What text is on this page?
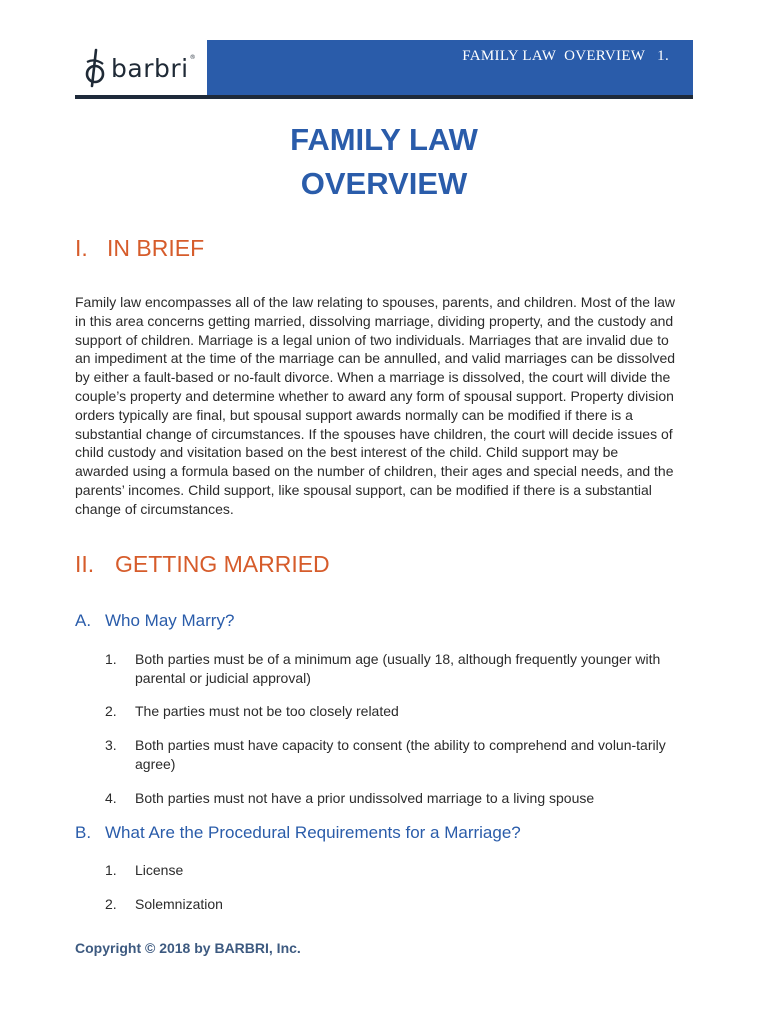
barbri®	FAMILY LAW  OVERVIEW   1.
FAMILY LAW
OVERVIEW
I. IN BRIEF
Family law encompasses all of the law relating to spouses, parents, and children. Most of the law in this area concerns getting married, dissolving marriage, dividing property, and the custody and support of children. Marriage is a legal union of two individuals. Marriages that are invalid due to an impediment at the time of the marriage can be annulled, and valid marriages can be dissolved by either a fault-based or no-fault divorce. When a marriage is dissolved, the court will divide the couple’s property and determine whether to award any form of spousal support. Property division orders typically are final, but spousal support awards normally can be modified if there is a substantial change of circumstances. If the spouses have children, the court will decide issues of child custody and visitation based on the best interest of the child. Child support may be awarded using a formula based on the number of children, their ages and special needs, and the parents’ incomes. Child support, like spousal support, can be modified if there is a substantial change of circumstances.
II. GETTING MARRIED
A. Who May Marry?
1.	Both parties must be of a minimum age (usually 18, although frequently younger with parental or judicial approval)
2.	The parties must not be too closely related
3.	Both parties must have capacity to consent (the ability to comprehend and volun-tarily agree)
4.	Both parties must not have a prior undissolved marriage to a living spouse
B. What Are the Procedural Requirements for a Marriage?
1.	License
2.	Solemnization
Copyright © 2018 by BARBRI, Inc.
